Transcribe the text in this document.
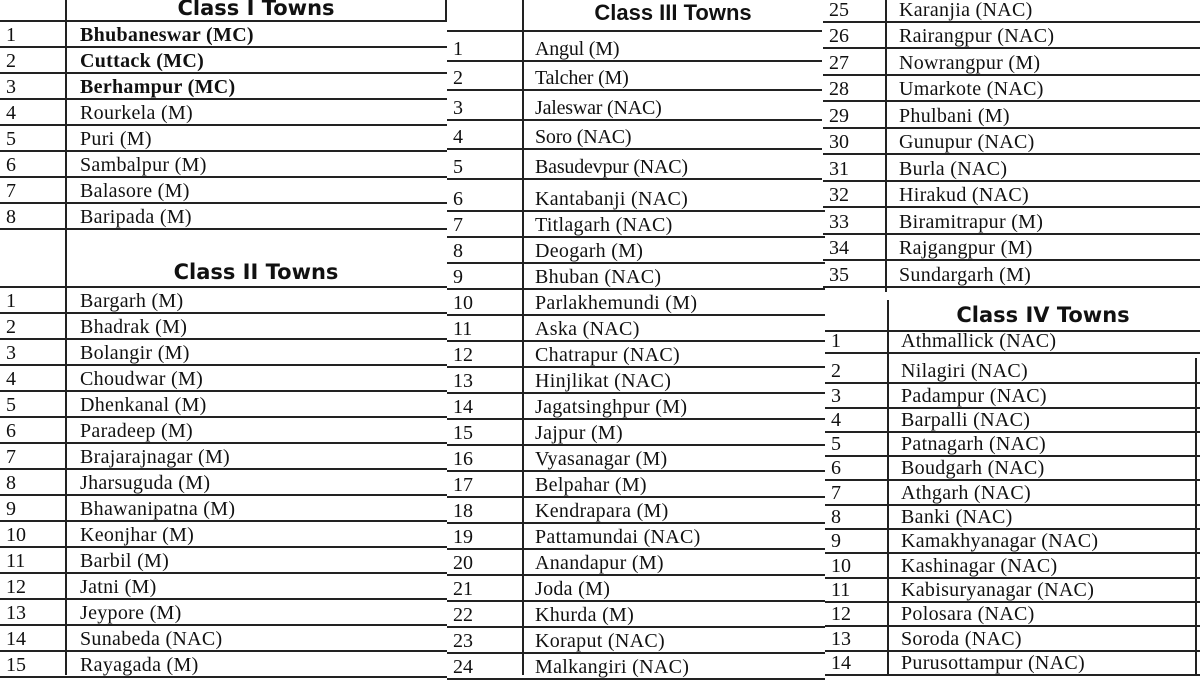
Class I Towns
1	Bhubaneswar (MC)
2	Cuttack (MC)
3	Berhampur (MC)
4	Rourkela (M)
5	Puri (M)
6	Sambalpur (M)
7	Balasore (M)
8	Baripada (M)
Class II Towns
1	Bargarh (M)
2	Bhadrak (M)
3	Bolangir (M)
4	Choudwar (M)
5	Dhenkanal (M)
6	Paradeep (M)
7	Brajarajnagar (M)
8	Jharsuguda (M)
9	Bhawanipatna (M)
10	Keonjhar (M)
11	Barbil (M)
12	Jatni (M)
13	Jeypore (M)
14	Sunabeda (NAC)
15	Rayagada (M)
Class III Towns
1	Angul (M)
2	Talcher (M)
3	Jaleswar (NAC)
4	Soro (NAC)
5	Basudevpur (NAC)
6	Kantabanji (NAC)
7	Titlagarh (NAC)
8	Deogarh (M)
9	Bhuban (NAC)
10	Parlakhemundi (M)
11	Aska (NAC)
12	Chatrapur (NAC)
13	Hinjlikat (NAC)
14	Jagatsinghpur (M)
15	Jajpur (M)
16	Vyasanagar (M)
17	Belpahar (M)
18	Kendrapara (M)
19	Pattamundai (NAC)
20	Anandapur (M)
21	Joda (M)
22	Khurda (M)
23	Koraput (NAC)
24	Malkangiri (NAC)
25	Karanjia (NAC)
26	Rairangpur (NAC)
27	Nowrangpur (M)
28	Umarkote (NAC)
29	Phulbani (M)
30	Gunupur (NAC)
31	Burla (NAC)
32	Hirakud (NAC)
33	Biramitrapur (M)
34	Rajgangpur (M)
35	Sundargarh (M)
Class IV Towns
1	Athmallick (NAC)
2	Nilagiri (NAC)
3	Padampur (NAC)
4	Barpalli (NAC)
5	Patnagarh (NAC)
6	Boudgarh (NAC)
7	Athgarh (NAC)
8	Banki (NAC)
9	Kamakhyanagar (NAC)
10	Kashinagar (NAC)
11	Kabisuryanagar (NAC)
12	Polosara (NAC)
13	Soroda (NAC)
14	Purusottampur (NAC)
